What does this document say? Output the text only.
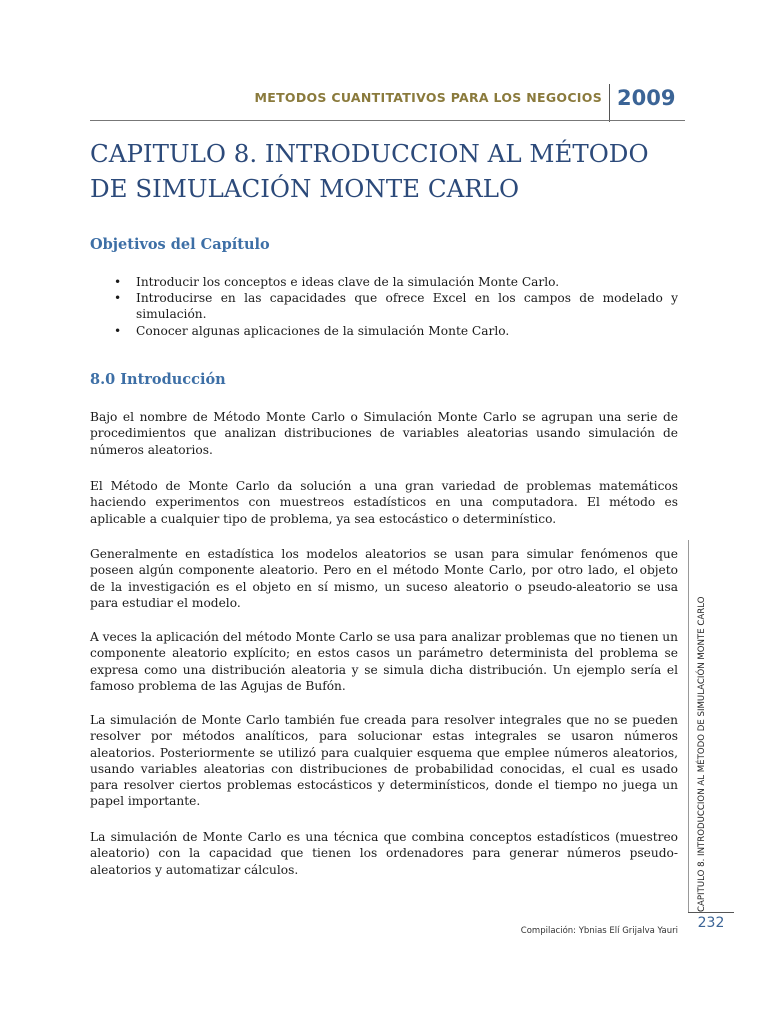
METODOS CUANTITATIVOS PARA LOS NEGOCIOS 2009
CAPITULO 8. INTRODUCCION AL MÉTODO DE SIMULACIÓN MONTE CARLO
Objetivos del Capítulo
• Introducir los conceptos e ideas clave de la simulación Monte Carlo.
• Introducirse en las capacidades que ofrece Excel en los campos de modelado y simulación.
• Conocer algunas aplicaciones de la simulación Monte Carlo.
8.0 Introducción

Bajo el nombre de Método Monte Carlo o Simulación Monte Carlo se agrupan una serie de procedimientos que analizan distribuciones de variables aleatorias usando simulación de números aleatorios.

El Método de Monte Carlo da solución a una gran variedad de problemas matemáticos haciendo experimentos con muestreos estadísticos en una computadora. El método es aplicable a cualquier tipo de problema, ya sea estocástico o determinístico.

Generalmente en estadística los modelos aleatorios se usan para simular fenómenos que poseen algún componente aleatorio. Pero en el método Monte Carlo, por otro lado, el objeto de la investigación es el objeto en sí mismo, un suceso aleatorio o pseudo-aleatorio se usa para estudiar el modelo.

A veces la aplicación del método Monte Carlo se usa para analizar problemas que no tienen un componente aleatorio explícito; en estos casos un parámetro determinista del problema se expresa como una distribución aleatoria y se simula dicha distribución. Un ejemplo sería el famoso problema de las Agujas de Bufón.

La simulación de Monte Carlo también fue creada para resolver integrales que no se pueden resolver por métodos analíticos, para solucionar estas integrales se usaron números aleatorios. Posteriormente se utilizó para cualquier esquema que emplee números aleatorios, usando variables aleatorias con distribuciones de probabilidad conocidas, el cual es usado para resolver ciertos problemas estocásticos y determinísticos, donde el tiempo no juega un papel importante.

La simulación de Monte Carlo es una técnica que combina conceptos estadísticos (muestreo aleatorio) con la capacidad que tienen los ordenadores para generar números pseudo-aleatorios y automatizar cálculos.	CAPITULO 8. INTRODUCCION AL MÉTODO DE SIMULACIÓN MONTE CARLO
Compilación: Ybnias Elí Grijalva Yauri	232
